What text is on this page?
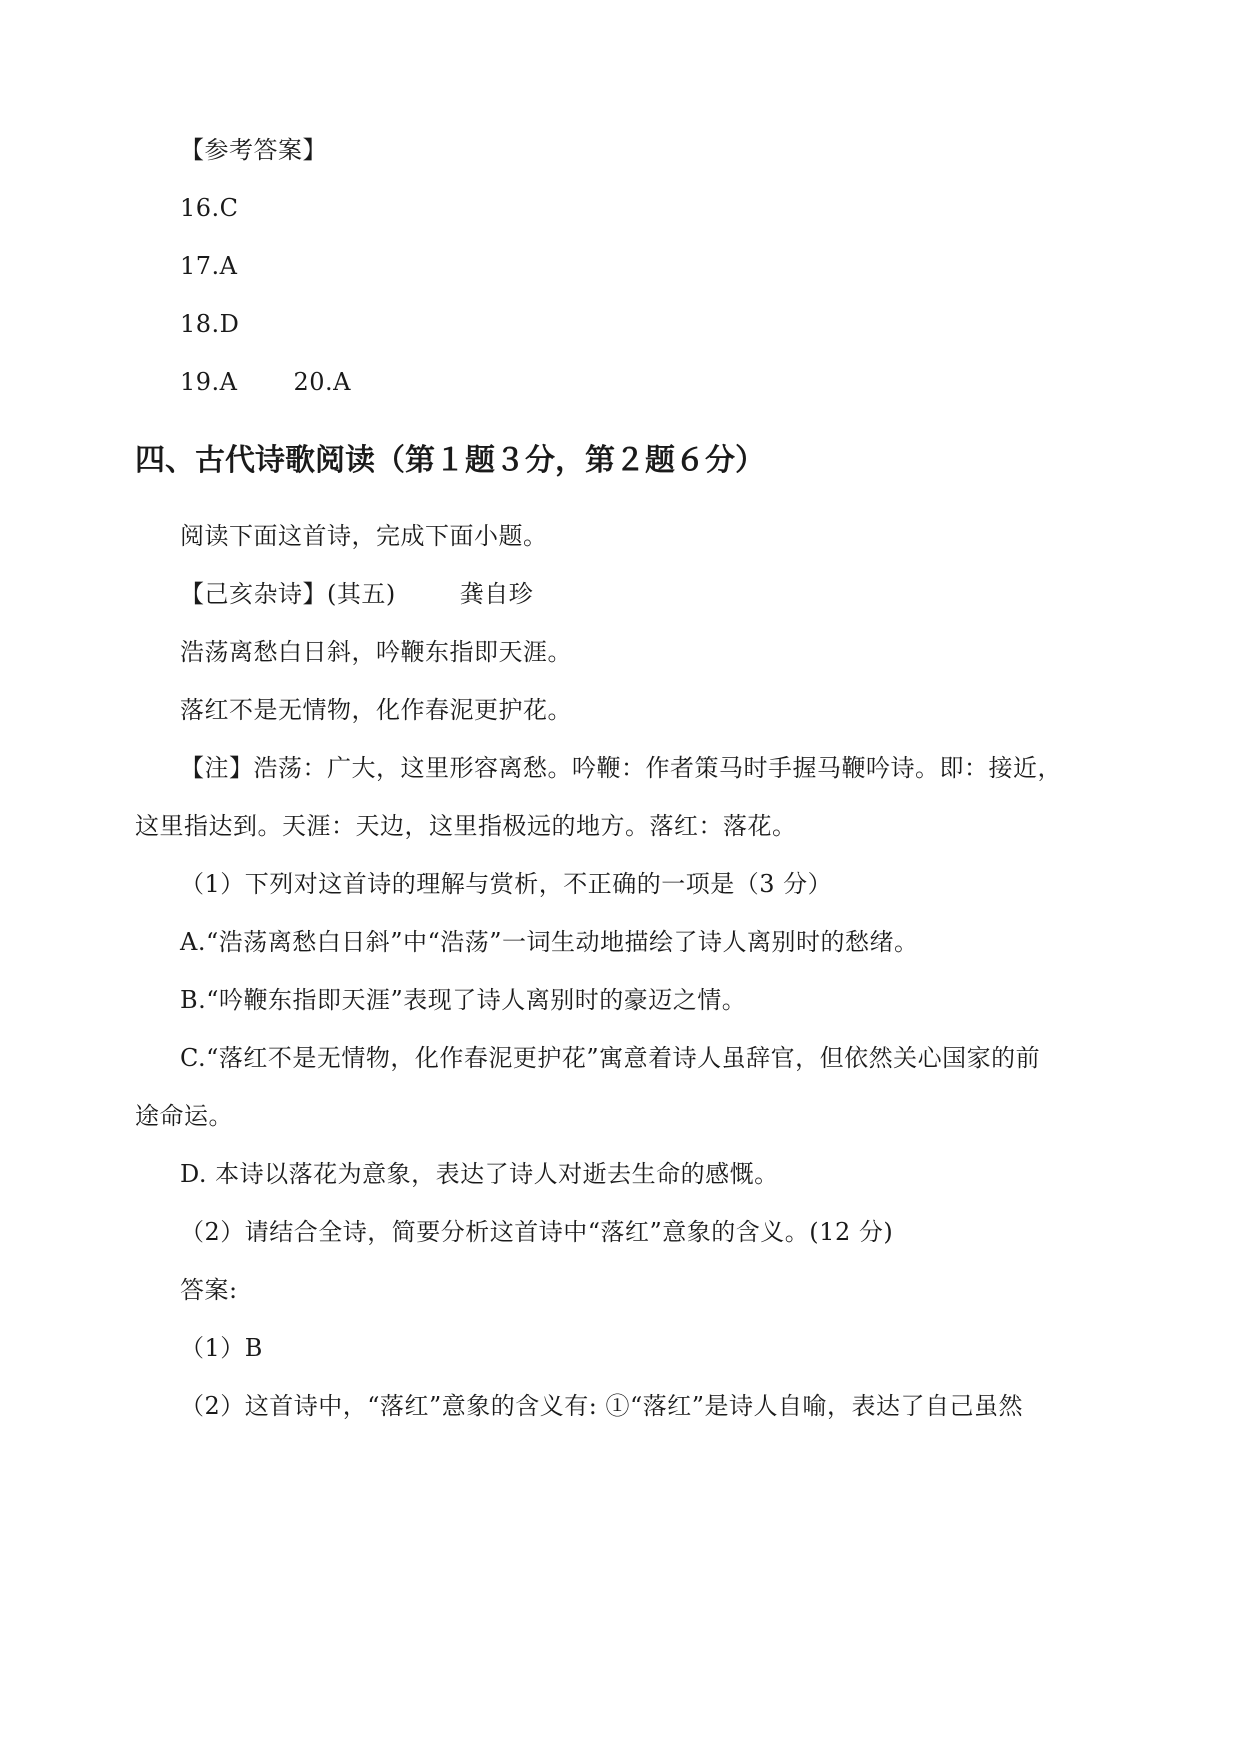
【参考答案】
16.C
17.A
18.D
19.A 20.A
四、古代诗歌阅读（第１题３分，第２题６分）
阅读下面这首诗，完成下面小题。
【己亥杂诗】(其五)	龚自珍
浩荡离愁白日斜，吟鞭东指即天涯。
落红不是无情物，化作春泥更护花。
【注】浩荡：广大，这里形容离愁。吟鞭：作者策马时手握马鞭吟诗。即：接近，
这里指达到。天涯：天边，这里指极远的地方。落红：落花。
（1）下列对这首诗的理解与赏析，不正确的一项是（3 分）
A.“浩荡离愁白日斜”中“浩荡”一词生动地描绘了诗人离别时的愁绪。
B.“吟鞭东指即天涯”表现了诗人离别时的豪迈之情。
C.“落红不是无情物，化作春泥更护花”寓意着诗人虽辞官，但依然关心国家的前
途命运。
D. 本诗以落花为意象，表达了诗人对逝去生命的感慨。
（2）请结合全诗，简要分析这首诗中“落红”意象的含义。(12 分)
答案:
（1）B
（2）这首诗中，“落红”意象的含义有: ①“落红”是诗人自喻，表达了自己虽然
